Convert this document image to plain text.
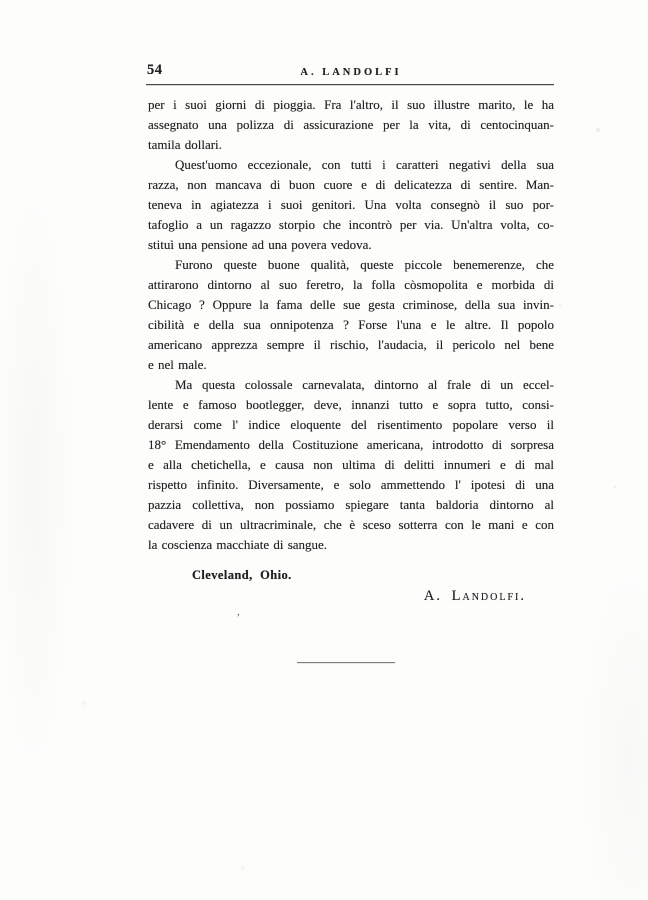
54	A. LANDOLFI
per i suoi giorni di pioggia. Fra l'altro, il suo illustre marito, le ha
assegnato una polizza di assicurazione per la vita, di centocinquan-
tamila dollari.
Quest'uomo eccezionale, con tutti i caratteri negativi della sua
razza, non mancava di buon cuore e di delicatezza di sentire. Man-
teneva in agiatezza i suoi genitori. Una volta consegnò il suo por-
tafoglio a un ragazzo storpio che incontrò per via. Un'altra volta, co-
stituì una pensione ad una povera vedova.
Furono queste buone qualità, queste piccole benemerenze, che
attirarono dintorno al suo feretro, la folla còsmopolita e morbida di
Chicago ? Oppure la fama delle sue gesta criminose, della sua invin-
cibilità e della sua onnipotenza ? Forse l'una e le altre. Il popolo
americano apprezza sempre il rischio, l'audacia, il pericolo nel bene
e nel male.
Ma questa colossale carnevalata, dintorno al frale di un eccel-
lente e famoso bootlegger, deve, innanzi tutto e sopra tutto, consi-
derarsi come l' indice eloquente del risentimento popolare verso il
18° Emendamento della Costituzione americana, introdotto di sorpresa
e alla chetichella, e causa non ultima di delitti innumeri e di mal
rispetto infinito. Diversamente, e solo ammettendo l' ipotesi di una
pazzia collettiva, non possiamo spiegare tanta baldoria dintorno al
cadavere di un ultracriminale, che è sceso sotterra con le mani e con
la coscienza macchiate di sangue.
Cleveland, Ohio.
A. Landolfi.
’
